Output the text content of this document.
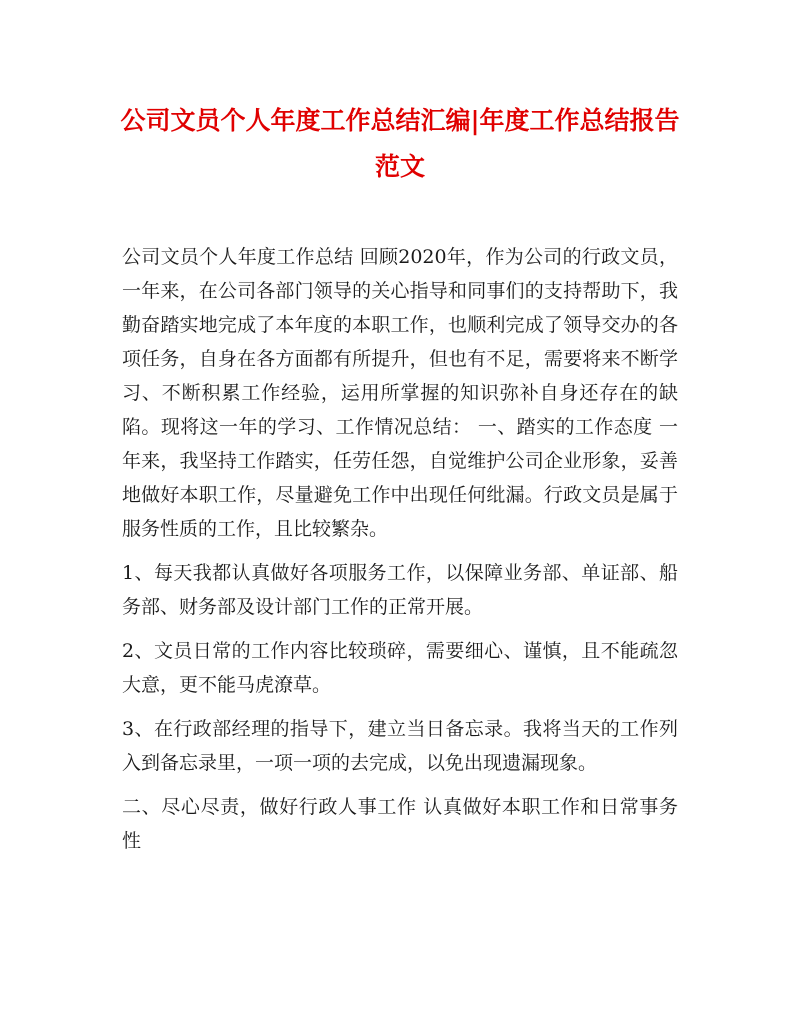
公司文员个人年度工作总结汇编|年度工作总结报告范文

公司文员个人年度工作总结 回顾2020年，作为公司的行政文员，一年来，在公司各部门领导的关心指导和同事们的支持帮助下，我勤奋踏实地完成了本年度的本职工作，也顺利完成了领导交办的各项任务，自身在各方面都有所提升，但也有不足，需要将来不断学习、不断积累工作经验，运用所掌握的知识弥补自身还存在的缺陷。现将这一年的学习、工作情况总结： 一、踏实的工作态度 一年来，我坚持工作踏实，任劳任怨，自觉维护公司企业形象，妥善地做好本职工作，尽量避免工作中出现任何纰漏。行政文员是属于服务性质的工作，且比较繁杂。

1、每天我都认真做好各项服务工作，以保障业务部、单证部、船务部、财务部及设计部门工作的正常开展。

2、文员日常的工作内容比较琐碎，需要细心、谨慎，且不能疏忽大意，更不能马虎潦草。

3、在行政部经理的指导下，建立当日备忘录。我将当天的工作列入到备忘录里，一项一项的去完成，以免出现遗漏现象。

二、尽心尽责，做好行政人事工作 认真做好本职工作和日常事务性
